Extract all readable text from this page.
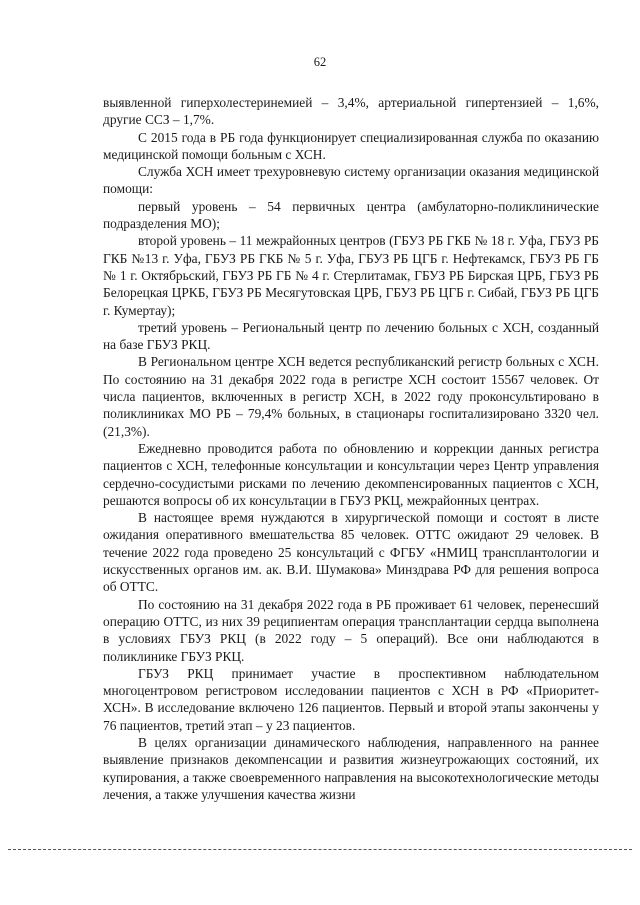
62

выявленной гиперхолестеринемией – 3,4%, артериальной гипертензией – 1,6%, другие ССЗ – 1,7%.

С 2015 года в РБ года функционирует специализированная служба по оказанию медицинской помощи больным с ХСН.

Служба ХСН имеет трехуровневую систему организации оказания медицинской помощи:

первый уровень – 54 первичных центра (амбулаторно-поликлинические подразделения МО);

второй уровень – 11 межрайонных центров (ГБУЗ РБ ГКБ № 18 г. Уфа, ГБУЗ РБ ГКБ №13 г. Уфа, ГБУЗ РБ ГКБ № 5 г. Уфа, ГБУЗ РБ ЦГБ г. Нефтекамск, ГБУЗ РБ ГБ № 1 г. Октябрьский, ГБУЗ РБ ГБ № 4 г. Стерлитамак, ГБУЗ РБ Бирская ЦРБ, ГБУЗ РБ Белорецкая ЦРКБ, ГБУЗ РБ Месягутовская ЦРБ, ГБУЗ РБ ЦГБ г. Сибай, ГБУЗ РБ ЦГБ г. Кумертау);

третий уровень – Региональный центр по лечению больных с ХСН, созданный на базе ГБУЗ РКЦ.

В Региональном центре ХСН ведется республиканский регистр больных с ХСН. По состоянию на 31 декабря 2022 года в регистре ХСН состоит 15567 человек. От числа пациентов, включенных в регистр ХСН, в 2022 году проконсультировано в поликлиниках МО РБ – 79,4% больных, в стационары госпитализировано 3320 чел. (21,3%).

Ежедневно проводится работа по обновлению и коррекции данных регистра пациентов с ХСН, телефонные консультации и консультации через Центр управления сердечно-сосудистыми рисками по лечению декомпенсированных пациентов с ХСН, решаются вопросы об их консультации в ГБУЗ РКЦ, межрайонных центрах.

В настоящее время нуждаются в хирургической помощи и состоят в листе ожидания оперативного вмешательства 85 человек. ОТТС ожидают 29 человек. В течение 2022 года проведено 25 консультаций с ФГБУ «НМИЦ трансплантологии и искусственных органов им. ак. В.И. Шумакова» Минздрава РФ для решения вопроса об ОТТС.

По состоянию на 31 декабря 2022 года в РБ проживает 61 человек, перенесший операцию ОТТС, из них 39 реципиентам операция трансплантации сердца выполнена в условиях ГБУЗ РКЦ (в 2022 году – 5 операций). Все они наблюдаются в поликлинике ГБУЗ РКЦ.

ГБУЗ РКЦ принимает участие в проспективном наблюдательном многоцентровом регистровом исследовании пациентов с ХСН в РФ «Приоритет-ХСН». В исследование включено 126 пациентов. Первый и второй этапы закончены у 76 пациентов, третий этап – у 23 пациентов.

В целях организации динамического наблюдения, направленного на раннее выявление признаков декомпенсации и развития жизнеугрожающих состояний, их купирования, а также своевременного направления на высокотехнологические методы лечения, а также улучшения качества жизни
